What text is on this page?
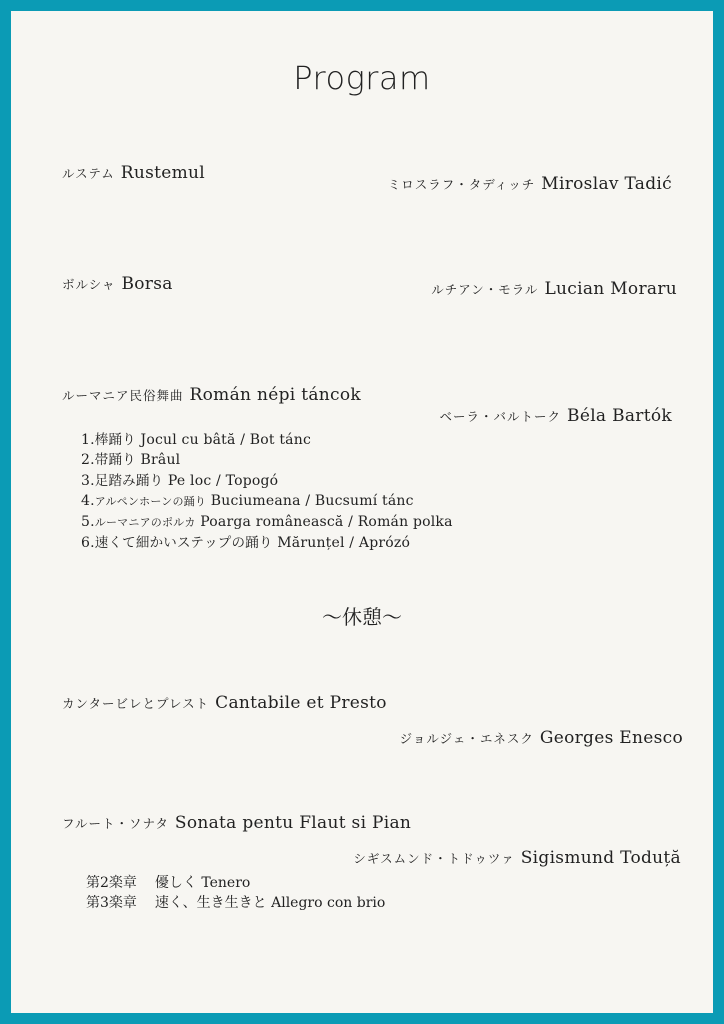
Program
ルステム Rustemul
ミロスラフ・タディッチ Miroslav Tadić
ボルシャ Borsa	ルチアン・モラル Lucian Moraru
ルーマニア民俗舞曲 Román népi táncok
ベーラ・バルトーク Béla Bartók
1.棒踊り Jocul cu bâtă / Bot tánc
2.帯踊り Brâul
3.足踏み踊り Pe loc / Topogó
4.アルペンホーンの踊り Buciumeana / Bucsumí tánc
5.ルーマニアのポルカ Poarga românească / Román polka
6.速くて細かいステップの踊り Mărunțel / Aprózó
～休憩～
カンタービレとプレスト Cantabile et Presto
ジョルジェ・エネスク Georges Enesco
フルート・ソナタ Sonata pentu Flaut si Pian
シギスムンド・トドゥツァ Sigismund Toduță
第2楽章 優しく Tenero
第3楽章 速く、生き生きと Allegro con brio
